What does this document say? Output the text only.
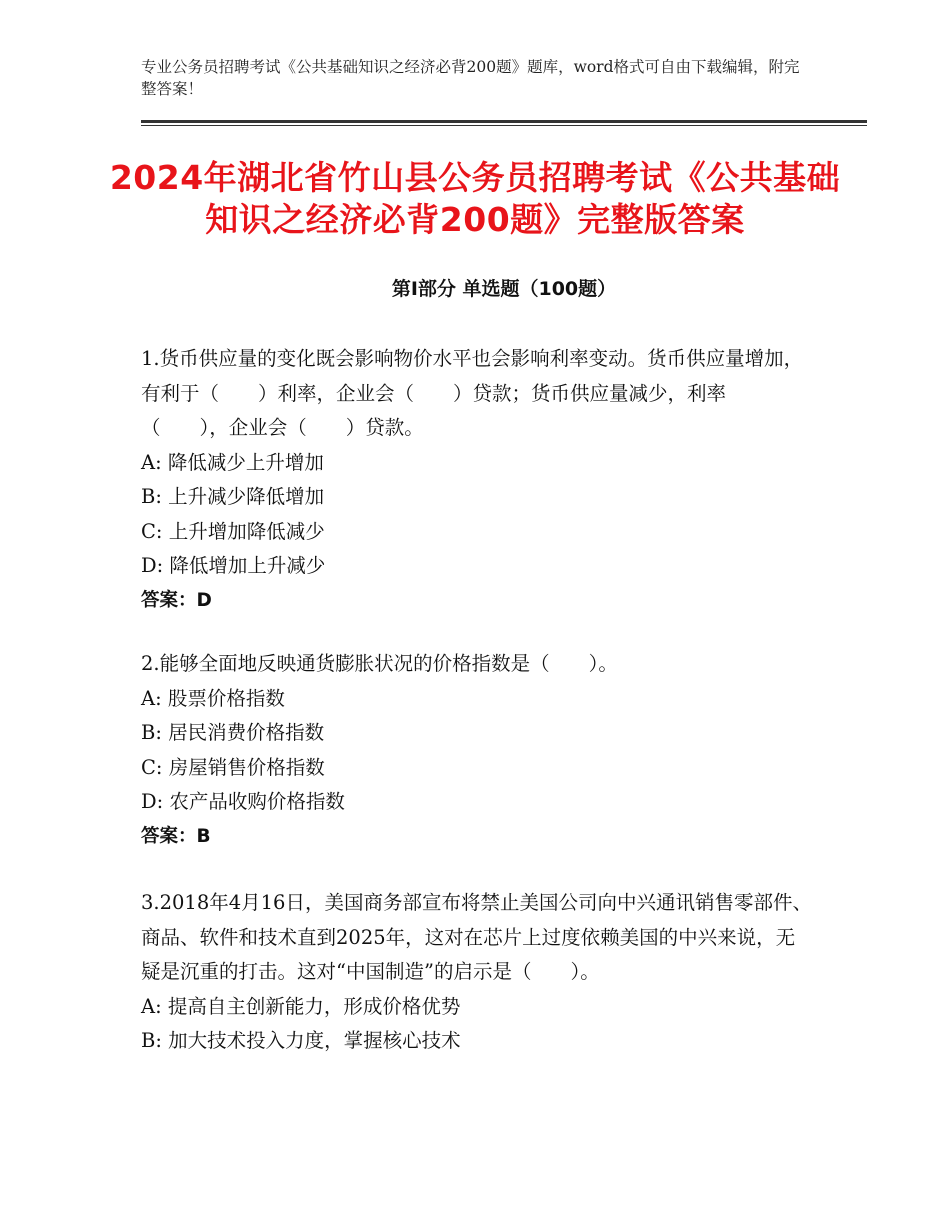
专业公务员招聘考试《公共基础知识之经济必背200题》题库，word格式可自由下载编辑，附完整答案！
2024年湖北省竹山县公务员招聘考试《公共基础知识之经济必背200题》完整版答案
第Ⅰ部分 单选题（100题）

1.货币供应量的变化既会影响物价水平也会影响利率变动。货币供应量增加，有利于（　　）利率，企业会（　　）贷款；货币供应量减少，利率（　　），企业会（　　）贷款。

A: 降低减少上升增加

B: 上升减少降低增加

C: 上升增加降低减少

D: 降低增加上升减少

答案：D

2.能够全面地反映通货膨胀状况的价格指数是（　　）。

A: 股票价格指数

B: 居民消费价格指数

C: 房屋销售价格指数

D: 农产品收购价格指数

答案：B

3.2018年4月16日，美国商务部宣布将禁止美国公司向中兴通讯销售零部件、商品、软件和技术直到2025年，这对在芯片上过度依赖美国的中兴来说，无疑是沉重的打击。这对“中国制造”的启示是（　　）。

A: 提高自主创新能力，形成价格优势

B: 加大技术投入力度，掌握核心技术
